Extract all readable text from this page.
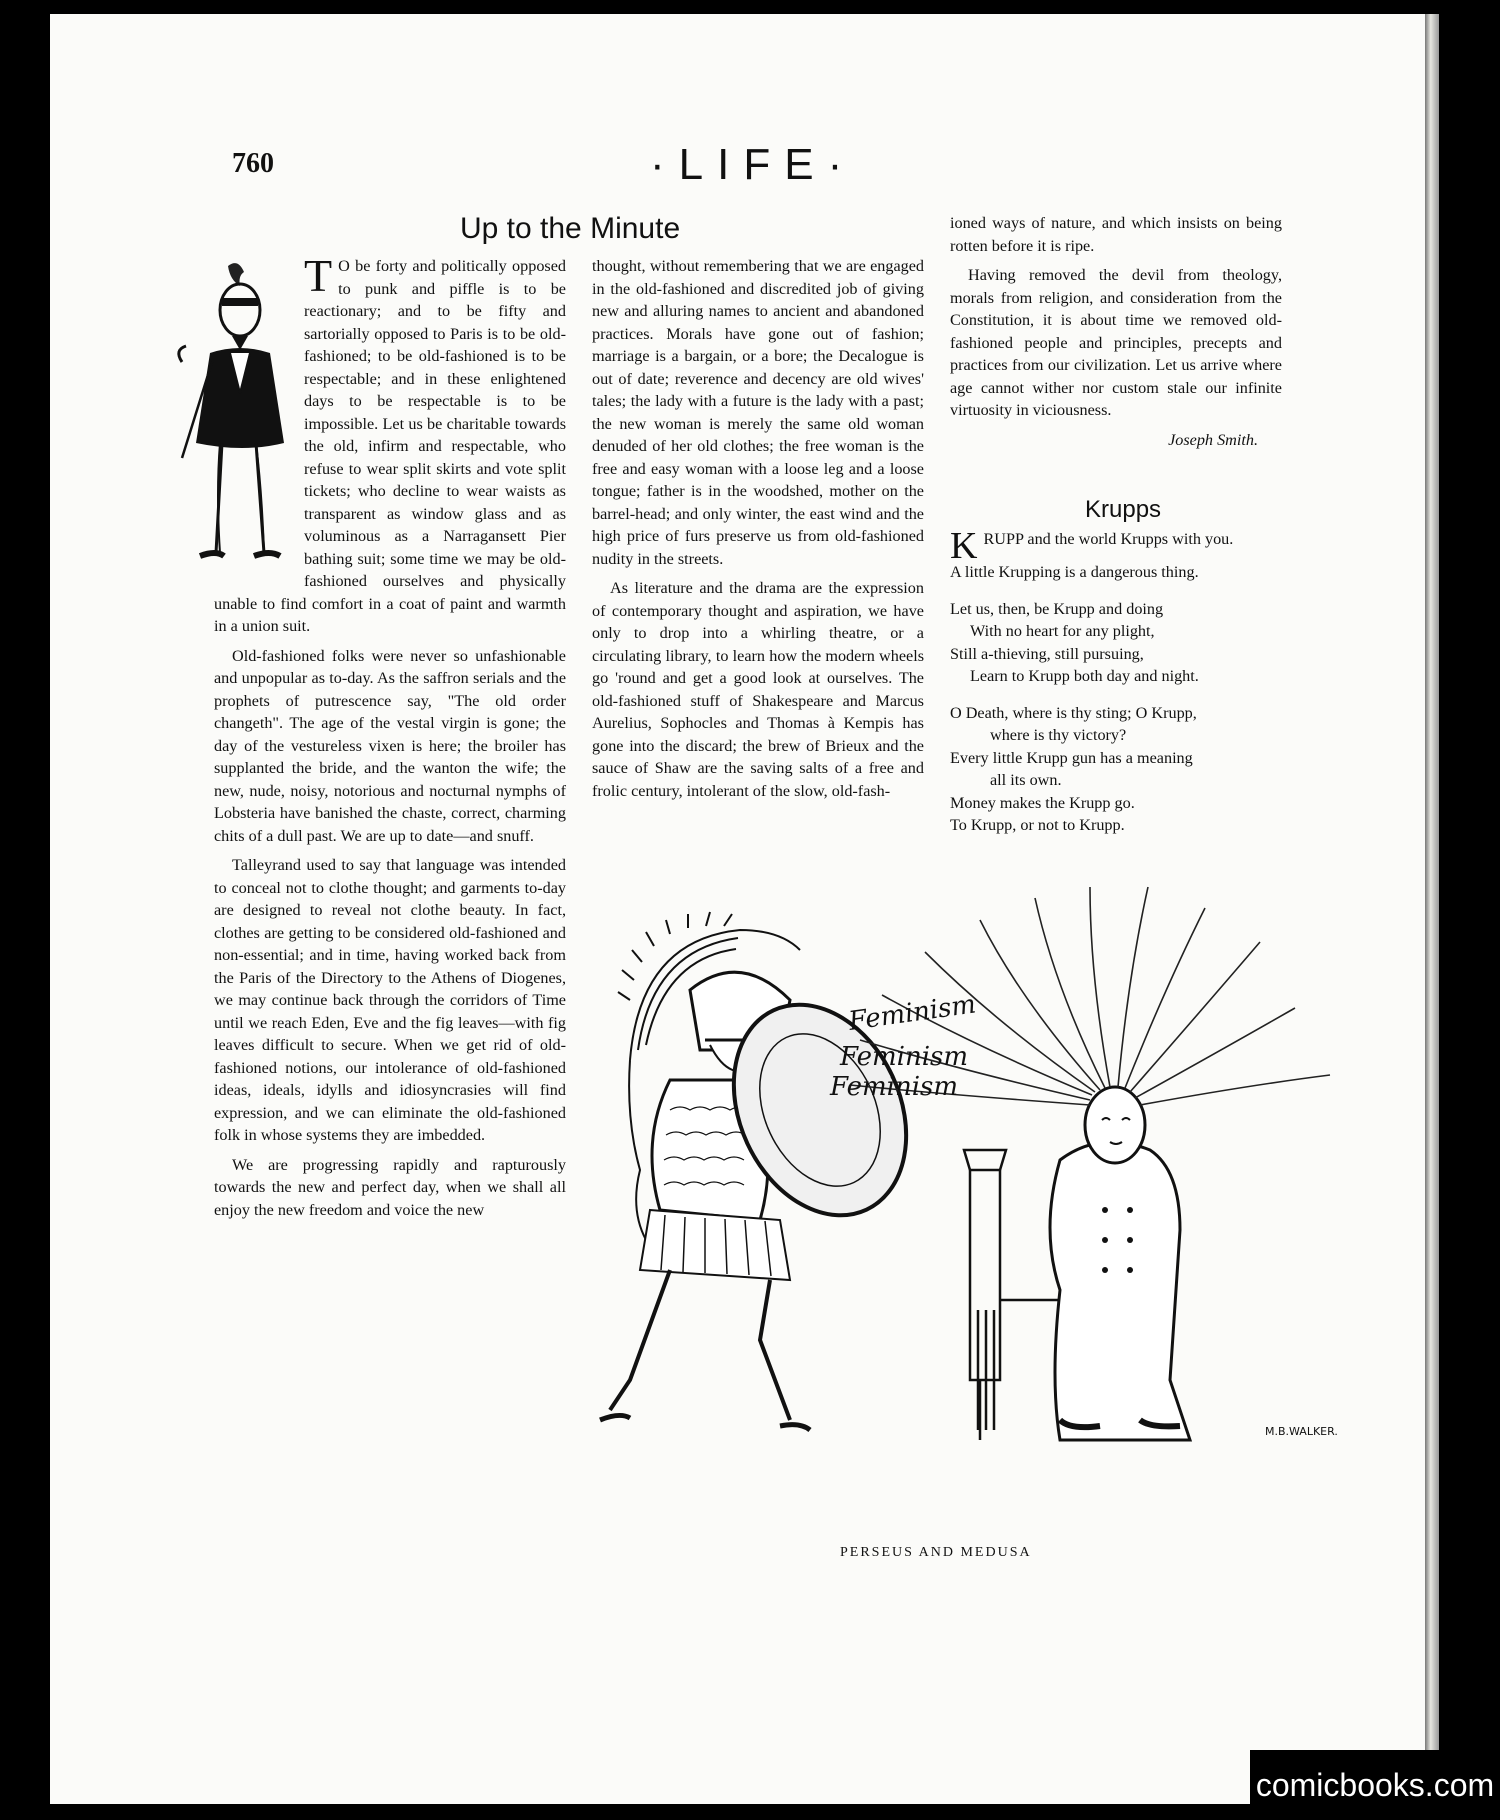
760	·LIFE·
Up to the Minute
T O be forty and politically opposed to punk and piffle is to be reactionary; and to be fifty and sartorially opposed to Paris is to be old-fashioned; to be old-fashioned is to be respectable; and in these enlightened days to be respectable is to be impossible. Let us be charitable towards the old, infirm and respectable, who refuse to wear split skirts and vote split tickets; who decline to wear waists as transparent as window glass and as voluminous as a Narragansett Pier bathing suit; some time we may be old-fashioned ourselves and physically unable to find comfort in a coat of paint and warmth in a union suit.

Old-fashioned folks were never so unfashionable and unpopular as to-day. As the saffron serials and the prophets of putrescence say, "The old order changeth". The age of the vestal virgin is gone; the day of the vestureless vixen is here; the broiler has supplanted the bride, and the wanton the wife; the new, nude, noisy, notorious and nocturnal nymphs of Lobsteria have banished the chaste, correct, charming chits of a dull past. We are up to date—and snuff.

Talleyrand used to say that language was intended to conceal not to clothe thought; and garments to-day are designed to reveal not clothe beauty. In fact, clothes are getting to be considered old-fashioned and non-essential; and in time, having worked back from the Paris of the Directory to the Athens of Diogenes, we may continue back through the corridors of Time until we reach Eden, Eve and the fig leaves—with fig leaves difficult to secure. When we get rid of old-fashioned notions, our intolerance of old-fashioned ideas, ideals, idylls and idiosyncrasies will find expression, and we can eliminate the old-fashioned folk in whose systems they are imbedded.

We are progressing rapidly and rapturously towards the new and perfect day, when we shall all enjoy the new freedom and voice the new

thought, without remembering that we are engaged in the old-fashioned and discredited job of giving new and alluring names to ancient and abandoned practices. Morals have gone out of fashion; marriage is a bargain, or a bore; the Decalogue is out of date; reverence and decency are old wives' tales; the lady with a future is the lady with a past; the new woman is merely the same old woman denuded of her old clothes; the free woman is the free and easy woman with a loose leg and a loose tongue; father is in the woodshed, mother on the barrel-head; and only winter, the east wind and the high price of furs preserve us from old-fashioned nudity in the streets.

As literature and the drama are the expression of contemporary thought and aspiration, we have only to drop into a whirling theatre, or a circulating library, to learn how the modern wheels go 'round and get a good look at ourselves. The old-fashioned stuff of Shakespeare and Marcus Aurelius, Sophocles and Thomas à Kempis has gone into the discard; the brew of Brieux and the sauce of Shaw are the saving salts of a free and frolic century, intolerant of the slow, old-fash-

ioned ways of nature, and which insists on being rotten before it is ripe.

Having removed the devil from theology, morals from religion, and consideration from the Constitution, it is about time we removed old-fashioned people and principles, precepts and practices from our civilization. Let us arrive where age cannot wither nor custom stale our infinite virtuosity in viciousness.

Joseph Smith.
Krupps
K RUPP and the world Krupps with you.

A little Krupping is a dangerous thing.

Let us, then, be Krupp and doing

With no heart for any plight,

Still a-thieving, still pursuing,

Learn to Krupp both day and night.

O Death, where is thy sting; O Krupp,

where is thy victory?

Every little Krupp gun has a meaning

all its own.

Money makes the Krupp go.

To Krupp, or not to Krupp.

Feminism
Feminism
Feminism
M.B.WALKER.
PERSEUS AND MEDUSA
comicbooks.com
